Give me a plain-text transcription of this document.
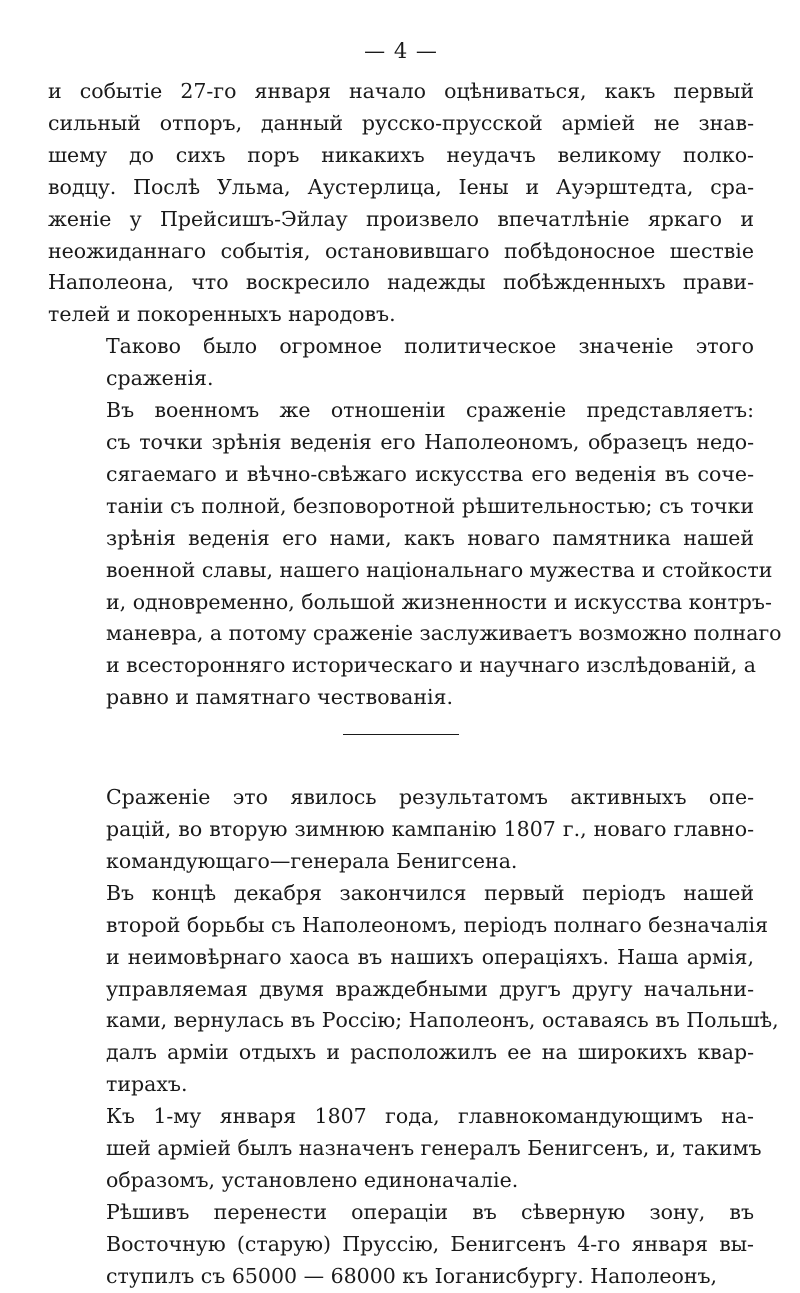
— 4 —

и событіе 27-го января начало оцѣниваться, какъ первый
сильный отпоръ, данный русско-прусской арміей не знав-
шему до сихъ поръ никакихъ неудачъ великому полко-
водцу. Послѣ Ульма, Аустерлица, Іены и Ауэрштедта, сра-
женіе у Прейсишъ-Эйлау произвело впечатлѣніе яркаго и
неожиданнаго событія, остановившаго побѣдоносное шествіе
Наполеона, что воскресило надежды побѣжденныхъ прави-
телей и покоренныхъ народовъ.

Таково было огромное политическое значеніе этого
сраженія.

Въ военномъ же отношеніи сраженіе представляетъ:
съ точки зрѣнія веденія его Наполеономъ, образецъ недо-
сягаемаго и вѣчно-свѣжаго искусства его веденія въ сочe-
таніи съ полной, безповоротной рѣшительностью; съ точки
зрѣнія веденія его нами, какъ новаго памятника нашей
военной славы, нашего національнаго мужества и стойкости
и, одновременно, большой жизненности и искусства контръ-
маневра, а потому сраженіе заслуживаетъ возможно полнаго
и всесторонняго историческаго и научнаго изслѣдованій, а
равно и памятнаго чествованія.

Сраженіе это явилось результатомъ активныхъ опе-
рацій, во вторую зимнюю кампанію 1807 г., новаго главно-
командующаго—генерала Бенигсена.

Въ концѣ декабря закончился первый періодъ нашей
второй борьбы съ Наполеономъ, періодъ полнаго безначалія
и неимовѣрнаго хаоса въ нашихъ операціяхъ. Наша армія,
управляемая двумя враждебными другъ другу начальни-
ками, вернулась въ Россію; Наполеонъ, оставаясь въ Польшѣ,
далъ арміи отдыхъ и расположилъ ее на широкихъ квар-
тирахъ.

Къ 1-му января 1807 года, главнокомандующимъ на-
шей арміей былъ назначенъ генералъ Бенигсенъ, и, такимъ
образомъ, установлено единоначаліе.

Рѣшивъ перенести операціи въ сѣверную зону, въ
Восточную (старую) Пруссію, Бенигсенъ 4-го января вы-
ступилъ съ 65000 — 68000 къ Іоганисбургу. Наполеонъ,
